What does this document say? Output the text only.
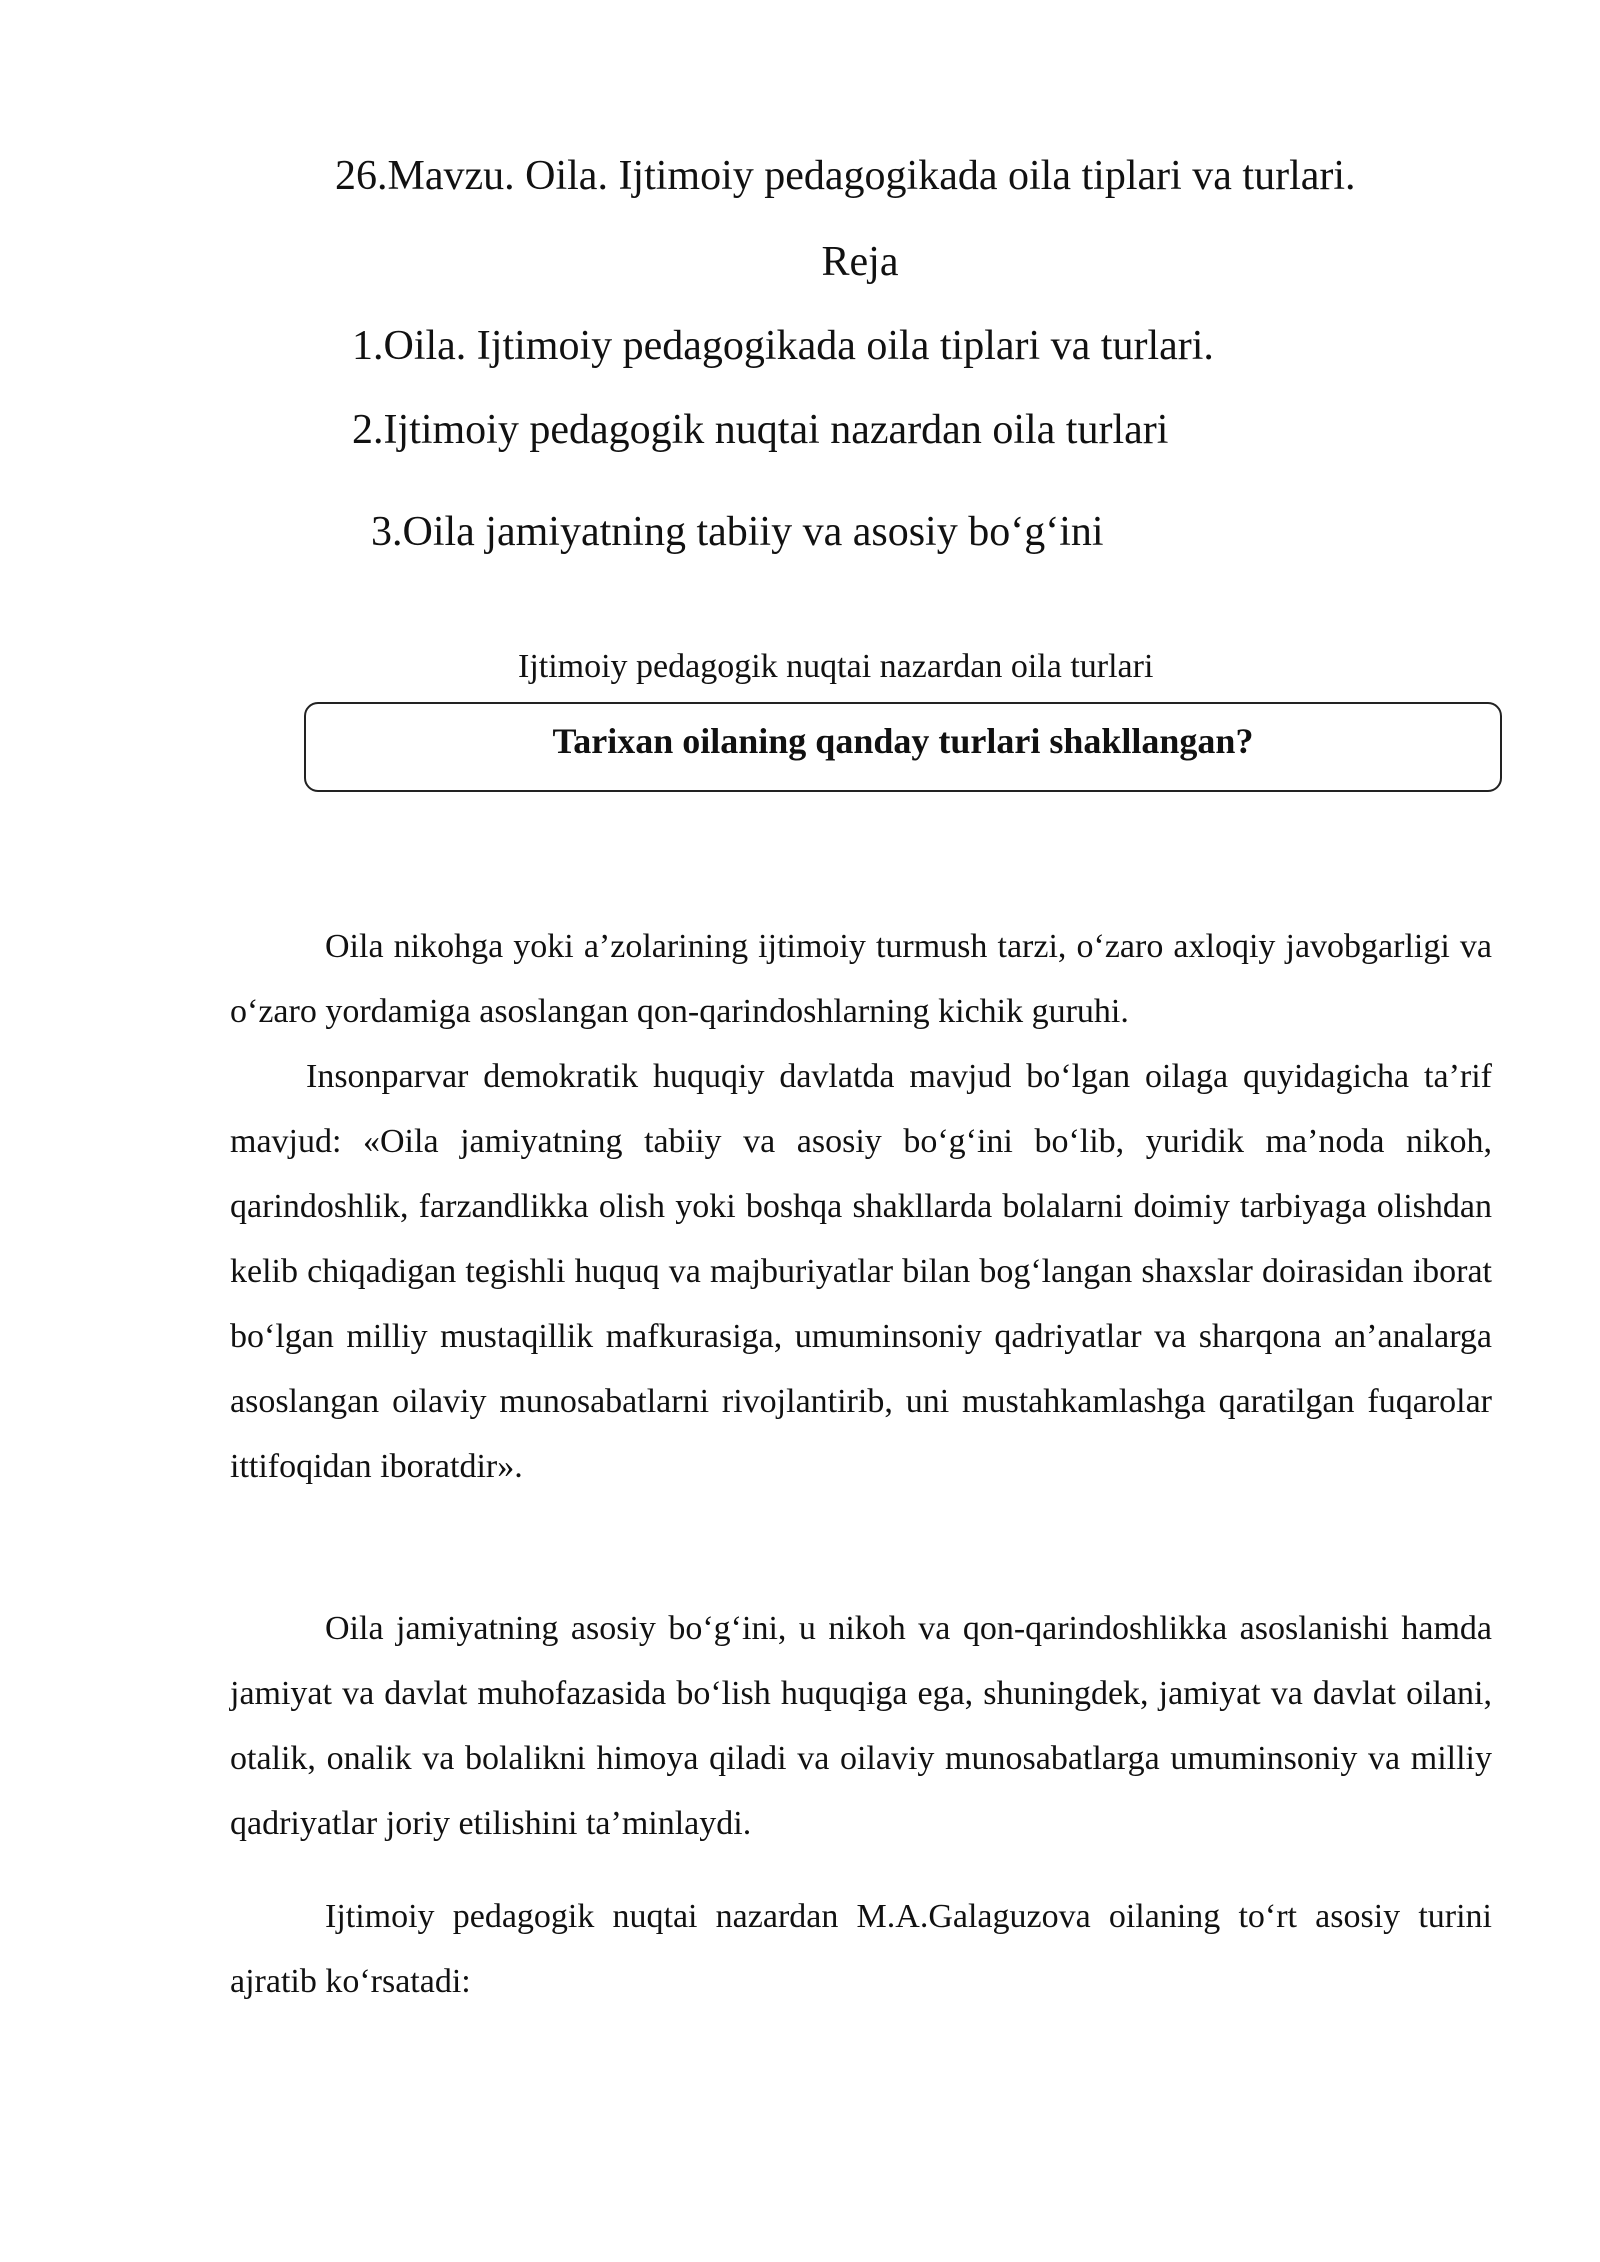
26.Mavzu. Oila. Ijtimoiy pedagogikada oila tiplari va turlari.
Reja
1.Oila. Ijtimoiy pedagogikada oila tiplari va turlari.
2.Ijtimoiy pedagogik nuqtai nazardan oila turlari
3.Oila jamiyatning tabiiy va asosiy bo‘g‘ini
Ijtimoiy pedagogik nuqtai nazardan oila turlari
Tarixan oilaning qanday turlari shakllangan?
Oila nikohga yoki a’zolarining ijtimoiy turmush tarzi, o‘zaro axloqiy javobgarligi va o‘zaro yordamiga asoslangan qon-qarindoshlarning kichik guruhi.
Insonparvar demokratik huquqiy davlatda mavjud bo‘lgan oilaga quyidagicha ta’rif mavjud: «Oila jamiyatning tabiiy va asosiy bo‘g‘ini bo‘lib, yuridik ma’noda nikoh, qarindoshlik, farzandlikka olish yoki boshqa shakllarda bolalarni doimiy tarbiyaga olishdan kelib chiqadigan tegishli huquq va majburiyatlar bilan bog‘langan shaxslar doirasidan iborat bo‘lgan milliy mustaqillik mafkurasiga, umuminsoniy qadriyatlar va sharqona an’analarga asoslangan oilaviy munosabatlarni rivojlantirib, uni mustahkamlashga qaratilgan fuqarolar ittifoqidan iboratdir».
Oila jamiyatning asosiy bo‘g‘ini, u nikoh va qon-qarindoshlikka asoslanishi hamda jamiyat va davlat muhofazasida bo‘lish huquqiga ega, shuningdek, jamiyat va davlat oilani, otalik, onalik va bolalikni himoya qiladi va oilaviy munosabatlarga umuminsoniy va milliy qadriyatlar joriy etilishini ta’minlaydi.
Ijtimoiy pedagogik nuqtai nazardan M.A.Galaguzova oilaning to‘rt asosiy turini ajratib ko‘rsatadi:
